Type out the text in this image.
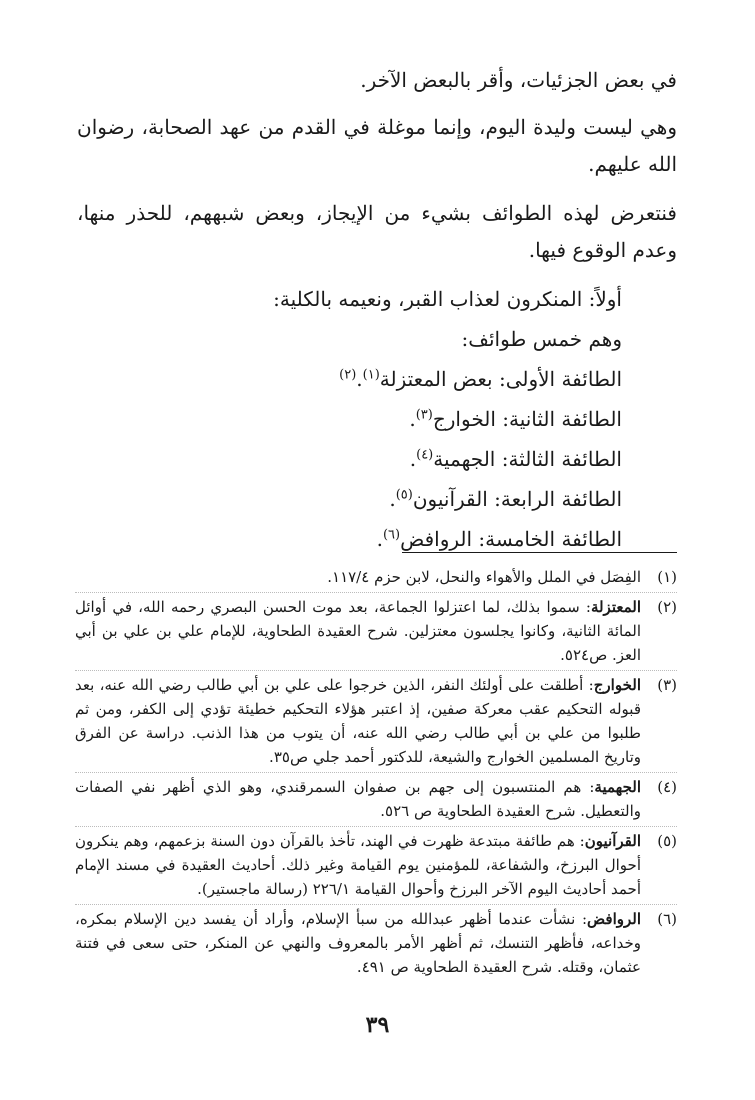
في بعض الجزئيات، وأقر بالبعض الآخر.

وهي ليست وليدة اليوم، وإنما موغلة في القدم من عهد الصحابة، رضوان الله عليهم.

فنتعرض لهذه الطوائف بشيء من الإيجاز، وبعض شبههم، للحذر منها، وعدم الوقوع فيها.

أولاً: المنكرون لعذاب القبر، ونعيمه بالكلية:
وهم خمس طوائف:
الطائفة الأولى: بعض المعتزلة$^{(١)}$.$^{(٢)}$
الطائفة الثانية: الخوارج$^{(٣)}$.
الطائفة الثالثة: الجهمية$^{(٤)}$.
الطائفة الرابعة: القرآنيون$^{(٥)}$.
الطائفة الخامسة: الروافض$^{(٦)}$.
(١)
الفِصَل في الملل والأهواء والنحل، لابن حزم ١١٧/٤.
(٢)
المعتزلة: سموا بذلك، لما اعتزلوا الجماعة، بعد موت الحسن البصري رحمه الله، في أوائل المائة الثانية، وكانوا يجلسون معتزلين. شرح العقيدة الطحاوية، للإمام علي بن علي بن أبي العز. ص٥٢٤.
(٣)
الخوارج: أطلقت على أولئك النفر، الذين خرجوا على علي بن أبي طالب رضي الله عنه، بعد قبوله التحكيم عقب معركة صفين، إذ اعتبر هؤلاء التحكيم خطيئة تؤدي إلى الكفر، ومن ثم طلبوا من علي بن أبي طالب رضي الله عنه، أن يتوب من هذا الذنب. دراسة عن الفرق وتاريخ المسلمين الخوارج والشيعة، للدكتور أحمد جلي ص٣٥.
(٤)
الجهمية: هم المنتسبون إلى جهم بن صفوان السمرقندي، وهو الذي أظهر نفي الصفات والتعطيل. شرح العقيدة الطحاوية ص ٥٢٦.
(٥)
القرآنيون: هم طائفة مبتدعة ظهرت في الهند، تأخذ بالقرآن دون السنة بزعمهم، وهم ينكرون أحوال البرزخ، والشفاعة، للمؤمنين يوم القيامة وغير ذلك. أحاديث العقيدة في مسند الإمام أحمد أحاديث اليوم الآخر البرزخ وأحوال القيامة ٢٢٦/١ (رسالة ماجستير).
(٦)
الروافض: نشأت عندما أظهر عبدالله من سبأ الإسلام، وأراد أن يفسد دين الإسلام بمكره، وخداعه، فأظهر التنسك، ثم أظهر الأمر بالمعروف والنهي عن المنكر، حتى سعى في فتنة عثمان، وقتله. شرح العقيدة الطحاوية ص ٤٩١.
٣٩
